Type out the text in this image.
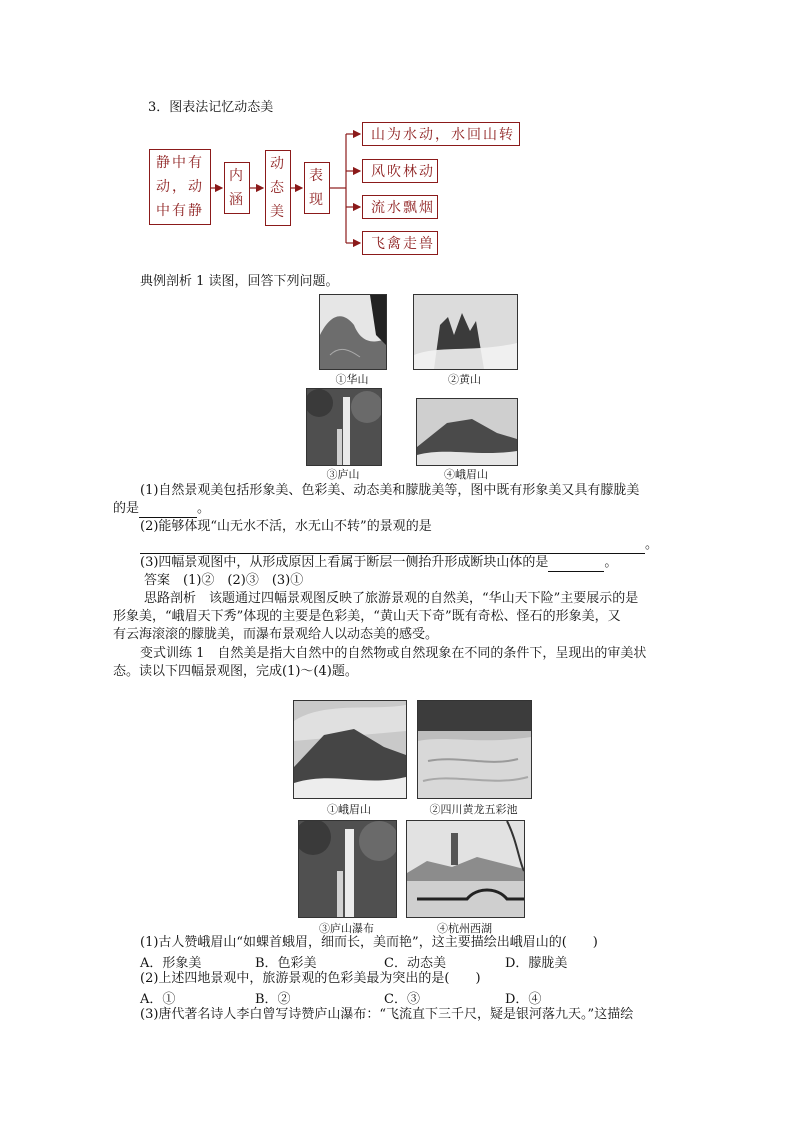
3．图表法记忆动态美
静中有
动，动
中有静
内
涵
动
态
美
表
现
山为水动，水回山转
风吹林动
流水飘烟
飞禽走兽
典例剖析 1 读图，回答下列问题。
①华山	②黄山
③庐山	④峨眉山
(1)自然景观美包括形象美、色彩美、动态美和朦胧美等，图中既有形象美又具有朦胧美
的是	。
(2)能够体现“山无水不活，水无山不转”的景观的是
。
(3)四幅景观图中，从形成原因上看属于断层一侧抬升形成断块山体的是	。
答案　(1)②　(2)③　(3)①
思路剖析　该题通过四幅景观图反映了旅游景观的自然美，“华山天下险”主要展示的是
形象美，“峨眉天下秀”体现的主要是色彩美，“黄山天下奇”既有奇松、怪石的形象美，又
有云海滚滚的朦胧美，而瀑布景观给人以动态美的感受。
变式训练 1　自然美是指大自然中的自然物或自然现象在不同的条件下，呈现出的审美状
态。读以下四幅景观图，完成(1)～(4)题。
①峨眉山	②四川黄龙五彩池
③庐山瀑布	④杭州西湖
(1)古人赞峨眉山“如蜾首蛾眉，细而长，美而艳”，这主要描绘出峨眉山的(　　)
A．形象美	B．色彩美	C．动态美	D．朦胧美
(2)上述四地景观中，旅游景观的色彩美最为突出的是(　　)
A．①	B．②	C．③	D．④
(3)唐代著名诗人李白曾写诗赞庐山瀑布：“飞流直下三千尺，疑是银河落九天。”这描绘
